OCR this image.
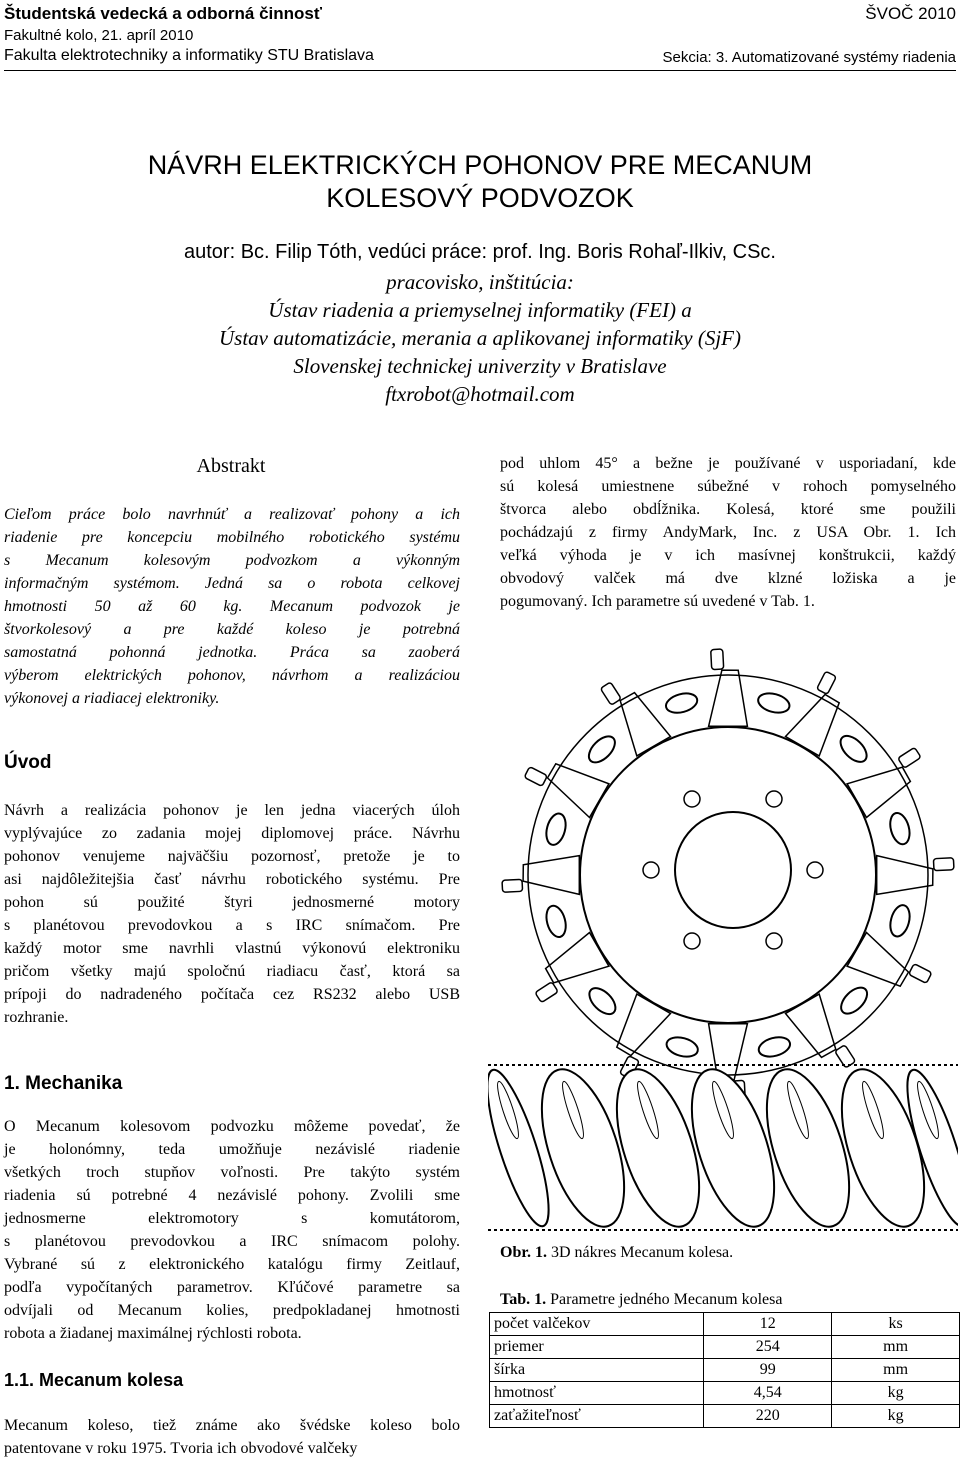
Študentská vedecká a odborná činnosť
Fakultné kolo, 21. apríl 2010
Fakulta elektrotechniky a informatiky STU Bratislava
ŠVOČ 2010
Sekcia: 3. Automatizované systémy riadenia
NÁVRH ELEKTRICKÝCH POHONOV PRE MECANUM
KOLESOVÝ PODVOZOK
autor: Bc. Filip Tóth, vedúci práce: prof. Ing. Boris Rohaľ-Ilkiv, CSc.
pracovisko, inštitúcia:
Ústav riadenia a priemyselnej informatiky (FEI) a
Ústav automatizácie, merania a aplikovanej informatiky (SjF)
Slovenskej technickej univerzity v Bratislave
ftxrobot@hotmail.com
Abstrakt
Cieľom práce bolo navrhnúť a realizovať pohony a ich
riadenie pre koncepciu mobilného robotického systému
s Mecanum kolesovým podvozkom a výkonným
informačným systémom. Jedná sa o robota celkovej
hmotnosti 50 až 60 kg. Mecanum podvozok je
štvorkolesový a pre každé koleso je potrebná
samostatná pohonná jednotka. Práca sa zaoberá
výberom elektrických pohonov, návrhom a realizáciou
výkonovej a riadiacej elektroniky.
pod uhlom 45° a bežne je používané v usporiadaní, kde
sú kolesá umiestnene súbežné v rohoch pomyselného
štvorca alebo obdĺžnika. Kolesá, ktoré sme použili
pochádzajú z firmy AndyMark, Inc. z USA Obr. 1. Ich
veľká výhoda je v ich masívnej konštrukcii, každý
obvodový valček má dve klzné ložiska a je
pogumovaný. Ich parametre sú uvedené v Tab. 1.
Úvod
Návrh a realizácia pohonov je len jedna viacerých úloh
vyplývajúce zo zadania mojej diplomovej práce. Návrhu
pohonov venujeme najväčšiu pozornosť, pretože je to
asi najdôležitejšia časť návrhu robotického systému. Pre
pohon sú použité štyri jednosmerné motory
s planétovou prevodovkou a s IRC snímačom. Pre
každý motor sme navrhli vlastnú výkonovú elektroniku
pričom všetky majú spoločnú riadiacu časť, ktorá sa
prípoji do nadradeného počítača cez RS232 alebo USB
rozhranie.
1. Mechanika
O Mecanum kolesovom podvozku môžeme povedať, že
je holonómny, teda umožňuje nezávislé riadenie
všetkých troch stupňov voľnosti. Pre takýto systém
riadenia sú potrebné 4 nezávislé pohony. Zvolili sme
jednosmerne elektromotory s komutátorom,
s planétovou prevodovkou a IRC snímacom polohy.
Vybrané sú z elektronického katalógu firmy Zeitlauf,
podľa vypočítaných parametrov. Kľúčové parametre sa
odvíjali od Mecanum kolies, predpokladanej hmotnosti
robota a žiadanej maximálnej rýchlosti robota.
1.1. Mecanum kolesa
Mecanum koleso, tiež známe ako švédske koleso bolo
patentovane v roku 1975. Tvoria ich obvodové valčeky
Obr. 1. 3D nákres Mecanum kolesa.
Tab. 1. Parametre jedného Mecanum kolesa
počet valčekov	12	ks
priemer	254	mm
šírka	99	mm
hmotnosť	4,54	kg
zaťažiteľnosť	220	kg
